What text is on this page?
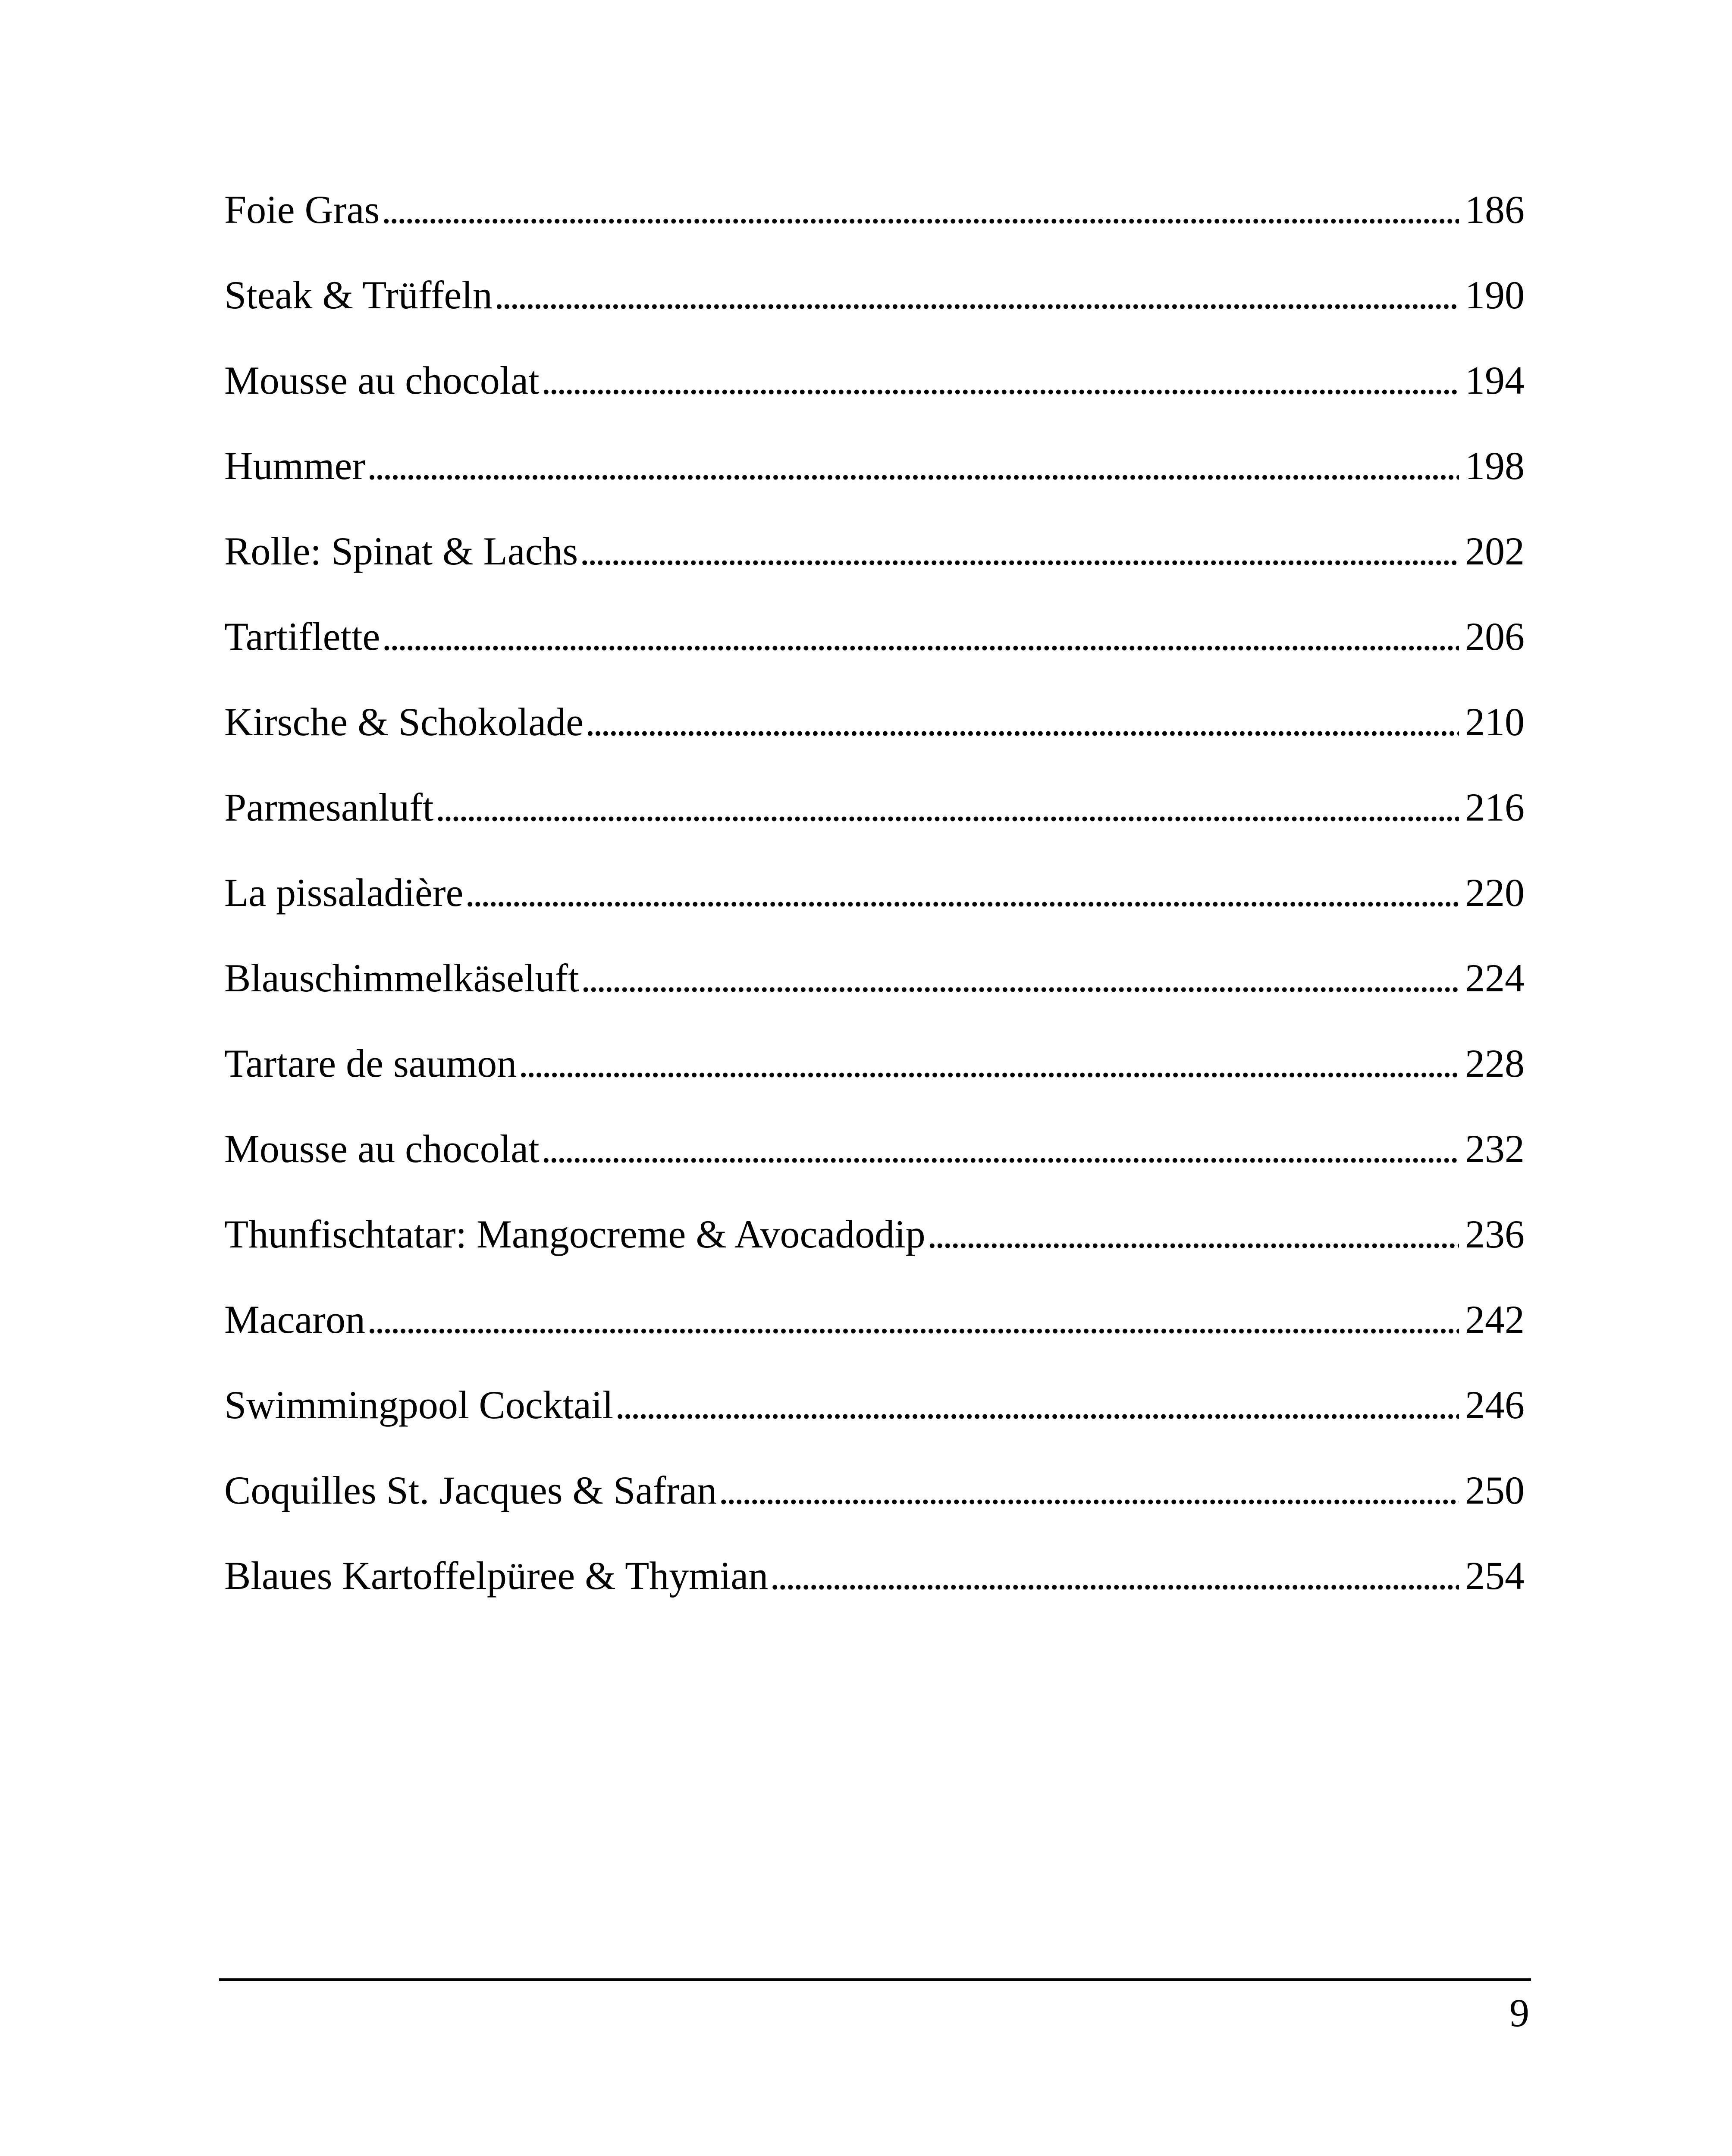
Foie Gras . . .	186
Steak & Trüffeln . . .	190
Mousse au chocolat . . .	194
Hummer . . .	198
Rolle: Spinat & Lachs . . .	202
Tartiflette . . .	206
Kirsche & Schokolade . . .	210
Parmesanluft . . .	216
La pissaladière . . .	220
Blauschimmelkäseluft . . .	224
Tartare de saumon . . .	228
Mousse au chocolat . . .	232
Thunfischtatar: Mangocreme & Avocadodip . . .	236
Macaron . . .	242
Swimmingpool Cocktail . . .	246
Coquilles St. Jacques & Safran . . .	250
Blaues Kartoffelpüree & Thymian . . .	254
9
